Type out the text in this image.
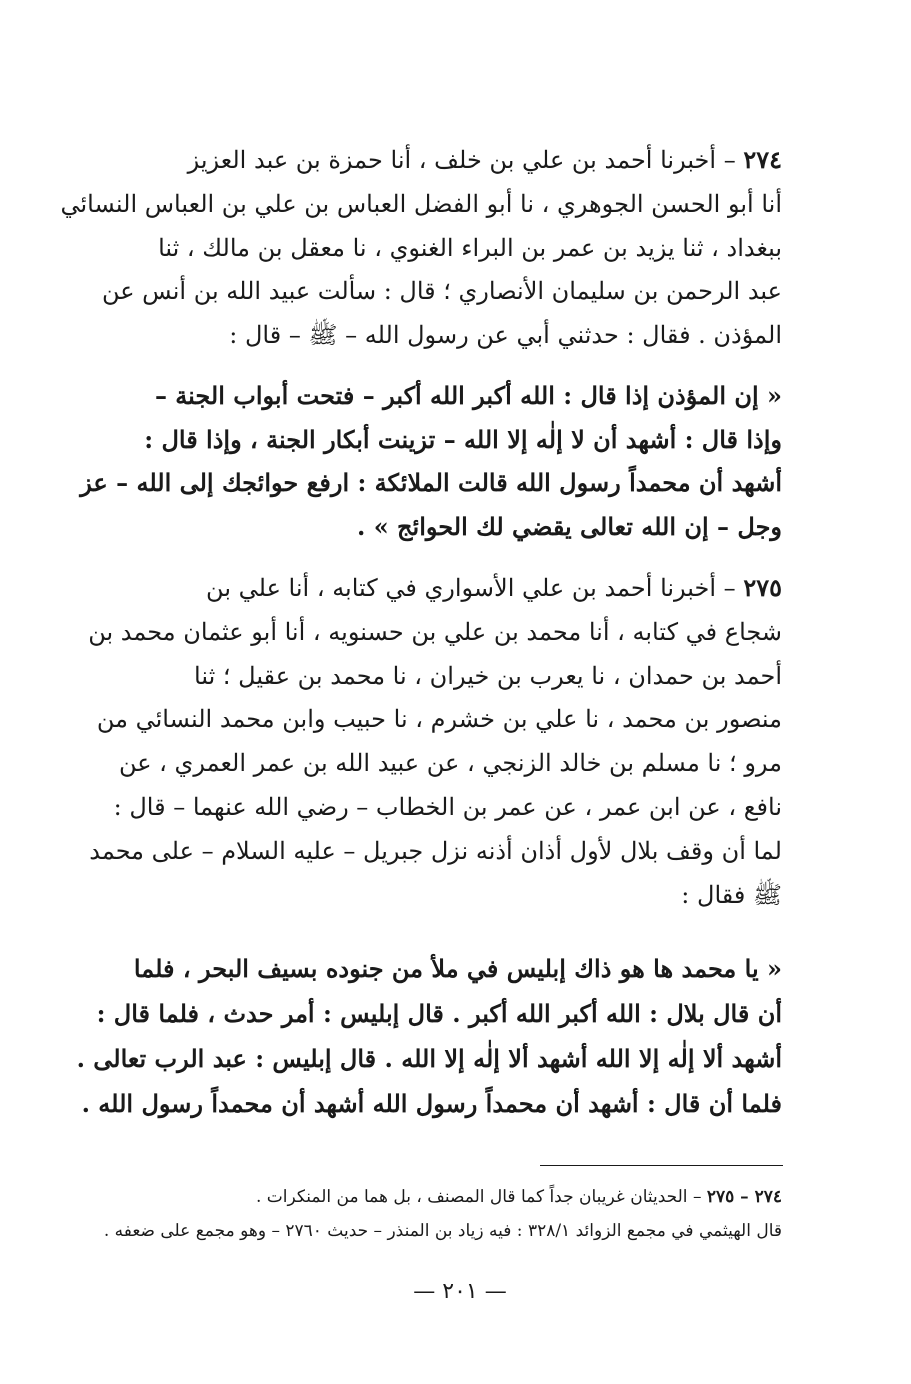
٢٧٤ – أخبرنا أحمد بن علي بن خلف ، أنا حمزة بن عبد العزيز
أنا أبو الحسن الجوهري ، نا أبو الفضل العباس بن علي بن العباس النسائي
ببغداد ، ثنا يزيد بن عمر بن البراء الغنوي ، نا معقل بن مالك ، ثنا
عبد الرحمن بن سليمان الأنصاري ؛ قال : سألت عبيد الله بن أنس عن
المؤذن . فقال : حدثني أبي عن رسول الله – ﷺ – قال :
« إن المؤذن إذا قال : الله أكبر الله أكبر – فتحت أبواب الجنة –
وإذا قال : أشهد أن لا إلٰه إلا الله – تزينت أبكار الجنة ، وإذا قال :
أشهد أن محمداً رسول الله قالت الملائكة : ارفع حوائجك إلى الله – عز
وجل – إن الله تعالى يقضي لك الحوائج » .
٢٧٥ – أخبرنا أحمد بن علي الأسواري في كتابه ، أنا علي بن
شجاع في كتابه ، أنا محمد بن علي بن حسنويه ، أنا أبو عثمان محمد بن
أحمد بن حمدان ، نا يعرب بن خيران ، نا محمد بن عقيل ؛ ثنا
منصور بن محمد ، نا علي بن خشرم ، نا حبيب وابن محمد النسائي من
مرو ؛ نا مسلم بن خالد الزنجي ، عن عبيد الله بن عمر العمري ، عن
نافع ، عن ابن عمر ، عن عمر بن الخطاب – رضي الله عنهما – قال :
لما أن وقف بلال لأول أذان أذنه نزل جبريل – عليه السلام – على محمد
ﷺ فقال :
« يا محمد ها هو ذاك إبليس في ملأ من جنوده بسيف البحر ، فلما
أن قال بلال : الله أكبر الله أكبر . قال إبليس : أمر حدث ، فلما قال :
أشهد ألا إلٰه إلا الله أشهد ألا إلٰه إلا الله . قال إبليس : عبد الرب تعالى .
فلما أن قال : أشهد أن محمداً رسول الله أشهد أن محمداً رسول الله .
٢٧٤ – ٢٧٥ – الحديثان غريبان جداً كما قال المصنف ، بل هما من المنكرات .
قال الهيثمي في مجمع الزوائد ٣٢٨/١ : فيه زياد بن المنذر – حديث ٢٧٦٠ – وهو مجمع على ضعفه .
— ٢٠١ —
